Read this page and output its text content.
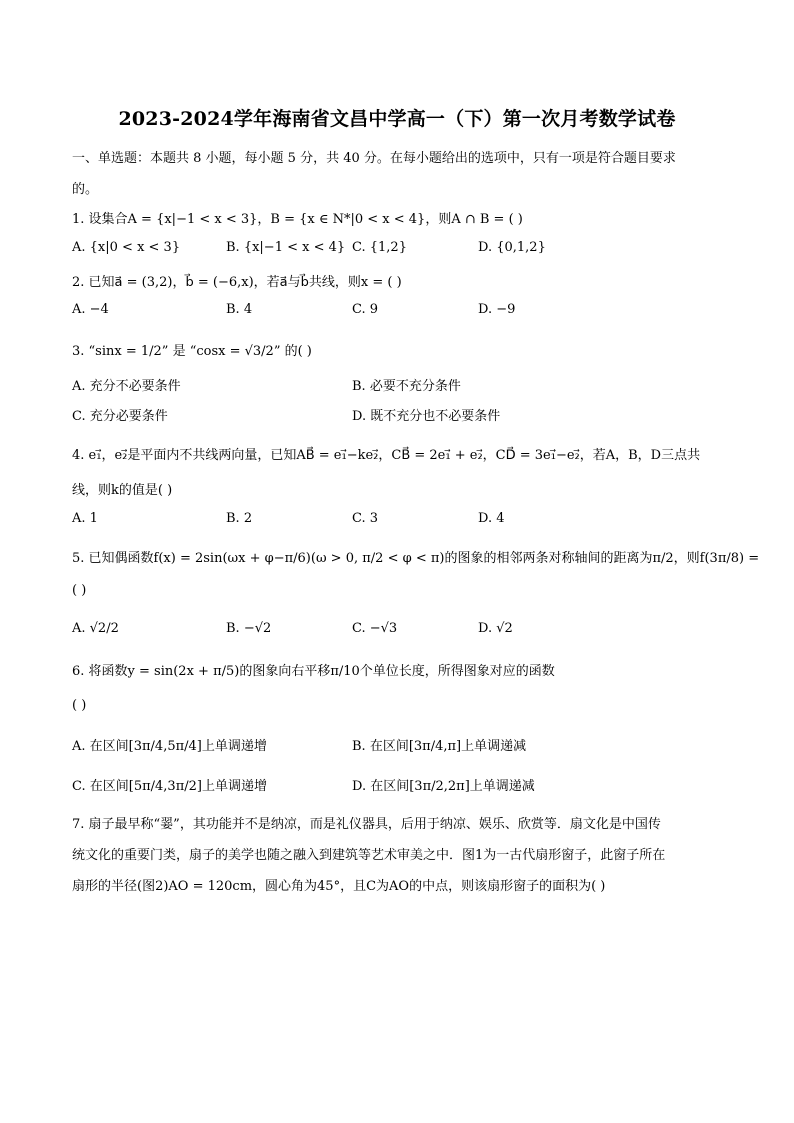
2023-2024学年海南省文昌中学高一（下）第一次月考数学试卷
一、单选题：本题共 8 小题，每小题 5 分，共 40 分。在每小题给出的选项中，只有一项是符合题目要求
的。
1. 设集合A = {x|−1 < x < 3}，B = {x ∈ N*|0 < x < 4}，则A ∩ B = ( )
A. {x|0 < x < 3}	B. {x|−1 < x < 4} C. {1,2}	D. {0,1,2}
2. 已知a⃗ = (3,2)，b⃗ = (−6,x)，若a⃗与b⃗共线，则x = ( )
A. −4	B. 4	C. 9	D. −9
3. “sinx = 1/2” 是 “cosx = √3/2” 的( )
A. 充分不必要条件	B. 必要不充分条件
C. 充分必要条件	D. 既不充分也不必要条件
4. e₁⃗，e₂⃗是平面内不共线两向量，已知AB⃗ = e₁⃗−ke₂⃗，CB⃗ = 2e₁⃗ + e₂⃗，CD⃗ = 3e₁⃗−e₂⃗，若A，B，D三点共
线，则k的值是( )
A. 1	B. 2	C. 3	D. 4
5. 已知偶函数f(x) = 2sin(ωx + φ−π/6)(ω > 0, π/2 < φ < π)的图象的相邻两条对称轴间的距离为π/2，则f(3π/8) =
( )
A. √2/2	B. −√2	C. −√3	D. √2
6. 将函数y = sin(2x + π/5)的图象向右平移π/10个单位长度，所得图象对应的函数
( )
A. 在区间[3π/4,5π/4]上单调递增	B. 在区间[3π/4,π]上单调递减
C. 在区间[5π/4,3π/2]上单调递增	D. 在区间[3π/2,2π]上单调递减
7. 扇子最早称“翣”，其功能并不是纳凉，而是礼仪器具，后用于纳凉、娱乐、欣赏等．扇文化是中国传
统文化的重要门类，扇子的美学也随之融入到建筑等艺术审美之中．图1为一古代扇形窗子，此窗子所在
扇形的半径(图2)AO = 120cm，圆心角为45°，且C为AO的中点，则该扇形窗子的面积为( )
